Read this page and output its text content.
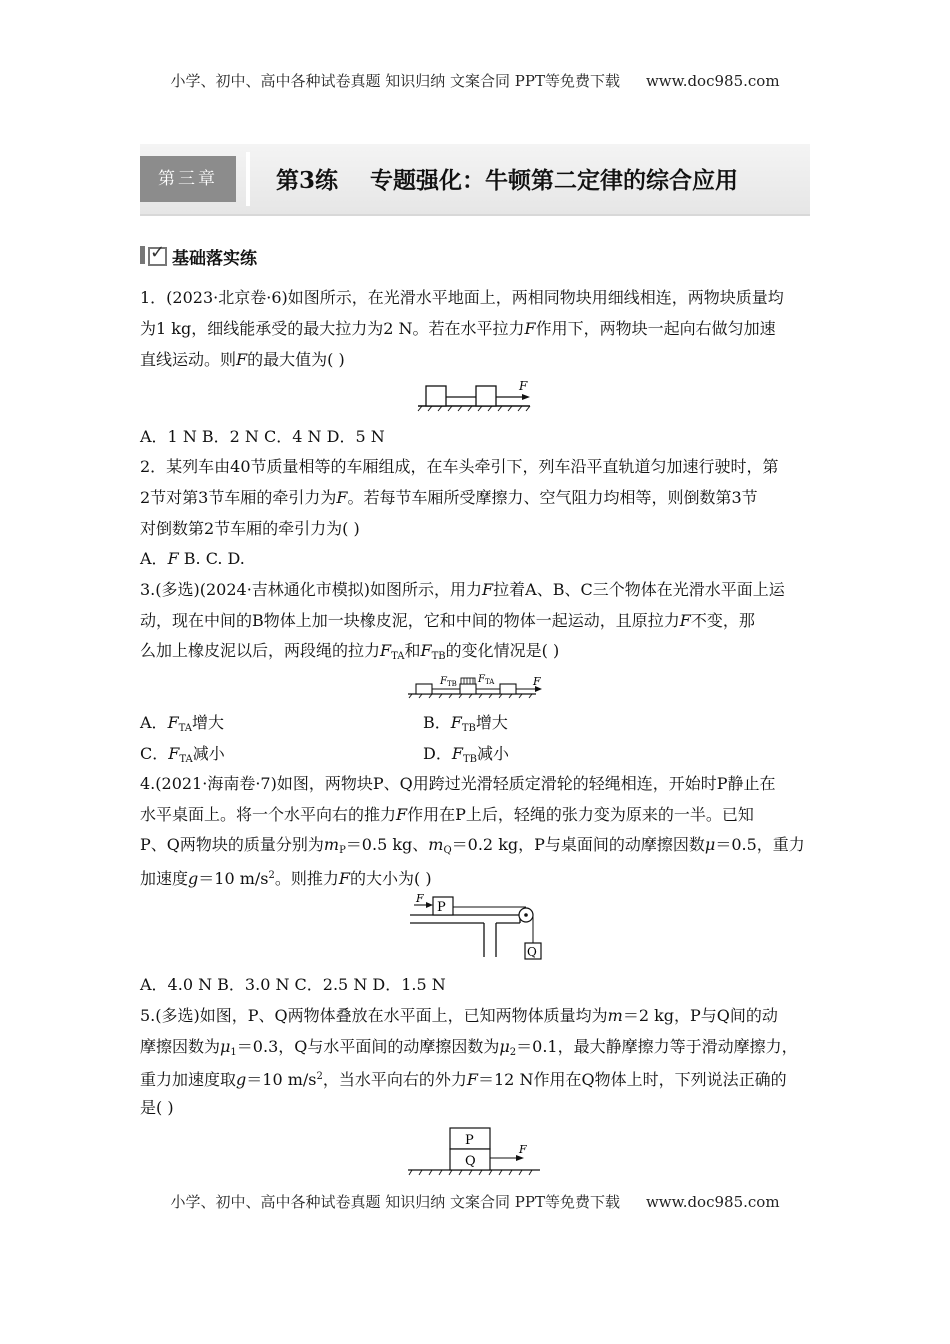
小学、初中、高中各种试卷真题 知识归纳 文案合同 PPT等免费下载 www.doc985.com
第三章	第3练    专题强化：牛顿第二定律的综合应用
✓ 基础落实练
1．(2023·北京卷·6)如图所示，在光滑水平地面上，两相同物块用细线相连，两物块质量均
为1 kg，细线能承受的最大拉力为2 N。若在水平拉力F作用下，两物块一起向右做匀加速
直线运动。则F的最大值为( )
F
A．1 N B．2 N C．4 N D．5 N
2．某列车由40节质量相等的车厢组成，在车头牵引下，列车沿平直轨道匀加速行驶时，第
2节对第3节车厢的牵引力为F。若每节车厢所受摩擦力、空气阻力均相等，则倒数第3节
对倒数第2节车厢的牵引力为( )
A．F B. C. D.
3.(多选)(2024·吉林通化市模拟)如图所示，用力F拉着A、B、C三个物体在光滑水平面上运
动，现在中间的B物体上加一块橡皮泥，它和中间的物体一起运动，且原拉力F不变，那
么加上橡皮泥以后，两段绳的拉力$F_{TA}$和$F_{TB}$的变化情况是( )
F
F TB F TA
A．$F_{TA}$增大	B．$F_{TB}$增大
C．$F_{TA}$减小	D．$F_{TB}$减小
4.(2021·海南卷·7)如图，两物块P、Q用跨过光滑轻质定滑轮的轻绳相连，开始时P静止在
水平桌面上。将一个水平向右的推力F作用在P上后，轻绳的张力变为原来的一半。已知
P、Q两物块的质量分别为$m_P=0.5$ kg、$m_Q=0.2$ kg，P与桌面间的动摩擦因数μ＝0.5，重力
加速度g＝10 $m/s^2$。则推力F的大小为( )
F
P
Q
A．4.0 N B．3.0 N C．2.5 N D．1.5 N
5.(多选)如图，P、Q两物体叠放在水平面上，已知两物体质量均为m＝2 kg，P与Q间的动
摩擦因数为$\mu_1=0.3$，Q与水平面间的动摩擦因数为$\mu_2=0.1$，最大静摩擦力等于滑动摩擦力，
重力加速度取g＝10 $m/s^2$，当水平向右的外力F＝12 N作用在Q物体上时，下列说法正确的
是( )
P
Q
F
小学、初中、高中各种试卷真题 知识归纳 文案合同 PPT等免费下载 www.doc985.com
